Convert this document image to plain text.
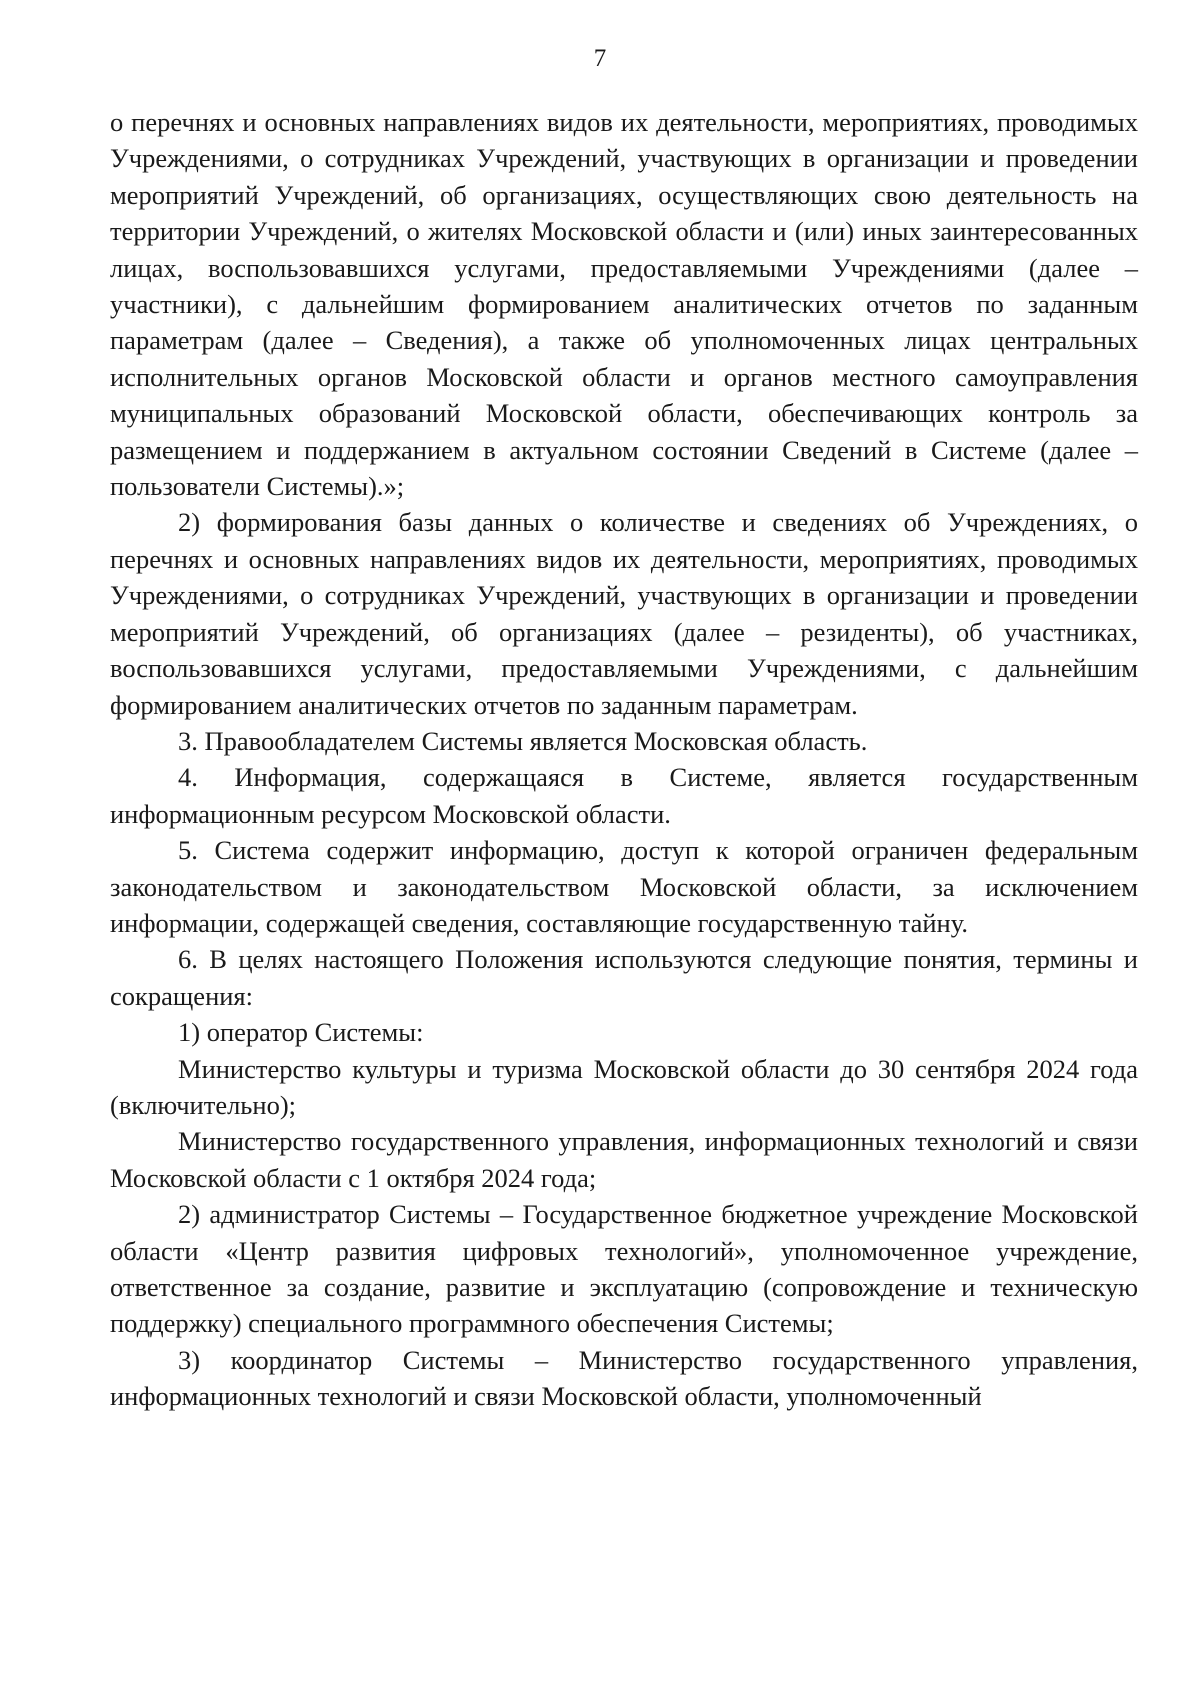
7

о перечнях и основных направлениях видов их деятельности, мероприятиях, проводимых Учреждениями, о сотрудниках Учреждений, участвующих в организации и проведении мероприятий Учреждений, об организациях, осуществляющих свою деятельность на территории Учреждений, о жителях Московской области и (или) иных заинтересованных лицах, воспользовавшихся услугами, предоставляемыми Учреждениями (далее – участники), с дальнейшим формированием аналитических отчетов по заданным параметрам (далее – Сведения), а также об уполномоченных лицах центральных исполнительных органов Московской области и органов местного самоуправления муниципальных образований Московской области, обеспечивающих контроль за размещением и поддержанием в актуальном состоянии Сведений в Системе (далее – пользователи Системы).»;

2) формирования базы данных о количестве и сведениях об Учреждениях, о перечнях и основных направлениях видов их деятельности, мероприятиях, проводимых Учреждениями, о сотрудниках Учреждений, участвующих в организации и проведении мероприятий Учреждений, об организациях (далее – резиденты), об участниках, воспользовавшихся услугами, предоставляемыми Учреждениями, с дальнейшим формированием аналитических отчетов по заданным параметрам.

3. Правообладателем Системы является Московская область.

4. Информация, содержащаяся в Системе, является государственным информационным ресурсом Московской области.

5. Система содержит информацию, доступ к которой ограничен федеральным законодательством и законодательством Московской области, за исключением информации, содержащей сведения, составляющие государственную тайну.

6. В целях настоящего Положения используются следующие понятия, термины и сокращения:

1) оператор Системы:

Министерство культуры и туризма Московской области до 30 сентября 2024 года (включительно);

Министерство государственного управления, информационных технологий и связи Московской области с 1 октября 2024 года;

2) администратор Системы – Государственное бюджетное учреждение Московской области «Центр развития цифровых технологий», уполномоченное учреждение, ответственное за создание, развитие и эксплуатацию (сопровождение и техническую поддержку) специального программного обеспечения Системы;

3) координатор Системы – Министерство государственного управления, информационных технологий и связи Московской области, уполномоченный
